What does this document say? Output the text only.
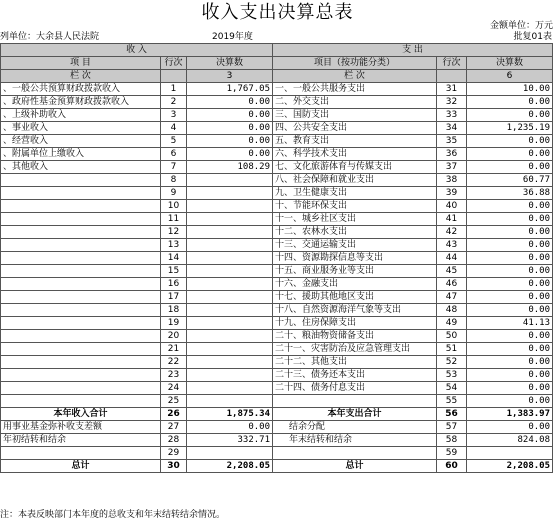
收入支出决算总表
金额单位：万元
列单位：大余县人民法院	2019年度	批复01表
收 入			支 出		
项 目	行次	决算数	项目（按功能分类）	行次	决算数
栏 次		3	栏 次		6
、一般公共预算财政拨款收入	1	1,767.05	一、一般公共服务支出	31	10.00
、政府性基金预算财政拨款收入	2	0.00	二、外交支出	32	0.00
、上级补助收入	3	0.00	三、国防支出	33	0.00
、事业收入	4	0.00	四、公共安全支出	34	1,235.19
、经营收入	5	0.00	五、教育支出	35	0.00
、附属单位上缴收入	6	0.00	六、科学技术支出	36	0.00
、其他收入	7	108.29	七、文化旅游体育与传媒支出	37	0.00
	8		八、社会保障和就业支出	38	60.77
	9		九、卫生健康支出	39	36.88
	10		十、节能环保支出	40	0.00
	11		十一、城乡社区支出	41	0.00
	12		十二、农林水支出	42	0.00
	13		十三、交通运输支出	43	0.00
	14		十四、资源勘探信息等支出	44	0.00
	15		十五、商业服务业等支出	45	0.00
	16		十六、金融支出	46	0.00
	17		十七、援助其他地区支出	47	0.00
	18		十八、自然资源海洋气象等支出	48	0.00
	19		十九、住房保障支出	49	41.13
	20		二十、粮油物资储备支出	50	0.00
	21		二十一、灾害防治及应急管理支出	51	0.00
	22		二十二、其他支出	52	0.00
	23		二十三、债务还本支出	53	0.00
	24		二十四、债务付息支出	54	0.00
	25			55	0.00
本年收入合计	26	1,875.34	本年支出合计	56	1,383.97
用事业基金弥补收支差额	27	0.00	结余分配	57	0.00
年初结转和结余	28	332.71	年末结转和结余	58	824.08
	29			59	
总计	30	2,208.05	总计	60	2,208.05
注：本表反映部门本年度的总收支和年末结转结余情况。
